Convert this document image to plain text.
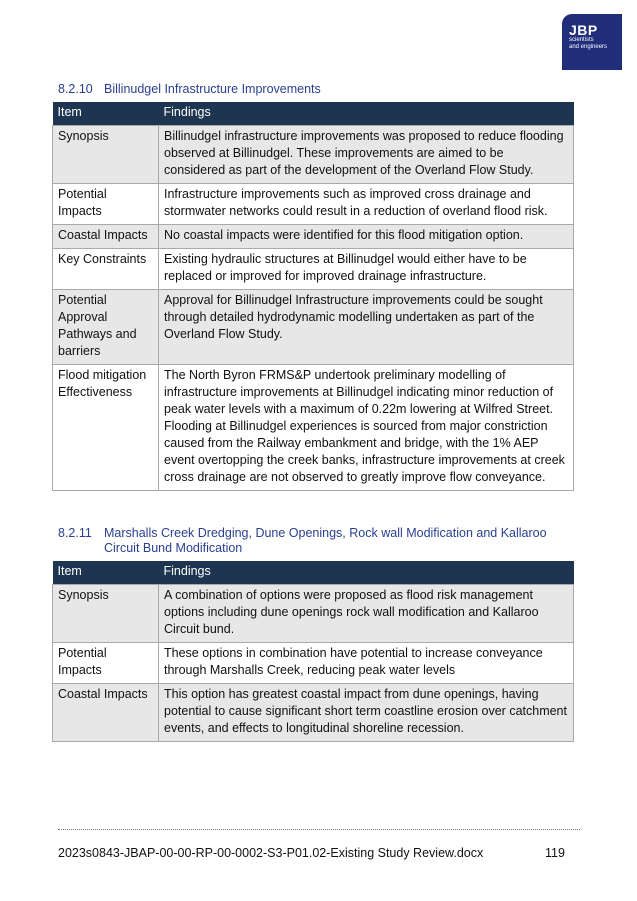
JBP
scientists
and engineers
8.2.10 Billinudgel Infrastructure Improvements
Item	Findings
Synopsis	Billinudgel infrastructure improvements was proposed to reduce flooding observed at Billinudgel. These improvements are aimed to be considered as part of the development of the Overland Flow Study.
Potential Impacts	Infrastructure improvements such as improved cross drainage and stormwater networks could result in a reduction of overland flood risk.
Coastal Impacts	No coastal impacts were identified for this flood mitigation option.
Key Constraints	Existing hydraulic structures at Billinudgel would either have to be replaced or improved for improved drainage infrastructure.
Potential Approval Pathways and barriers	Approval for Billinudgel Infrastructure improvements could be sought through detailed hydrodynamic modelling undertaken as part of the Overland Flow Study.
Flood mitigation Effectiveness	The North Byron FRMS&P undertook preliminary modelling of infrastructure improvements at Billinudgel indicating minor reduction of peak water levels with a maximum of 0.22m lowering at Wilfred Street. Flooding at Billinudgel experiences is sourced from major constriction caused from the Railway embankment and bridge, with the 1% AEP event overtopping the creek banks, infrastructure improvements at creek cross drainage are not observed to greatly improve flow conveyance.
8.2.11 Marshalls Creek Dredging, Dune Openings, Rock wall Modification and Kallaroo
Circuit Bund Modification
Item	Findings
Synopsis	A combination of options were proposed as flood risk management options including dune openings rock wall modification and Kallaroo Circuit bund.
Potential Impacts	These options in combination have potential to increase conveyance through Marshalls Creek, reducing peak water levels
Coastal Impacts	This option has greatest coastal impact from dune openings, having potential to cause significant short term coastline erosion over catchment events, and effects to longitudinal shoreline recession.
2023s0843-JBAP-00-00-RP-00-0002-S3-P01.02-Existing Study Review.docx	119
